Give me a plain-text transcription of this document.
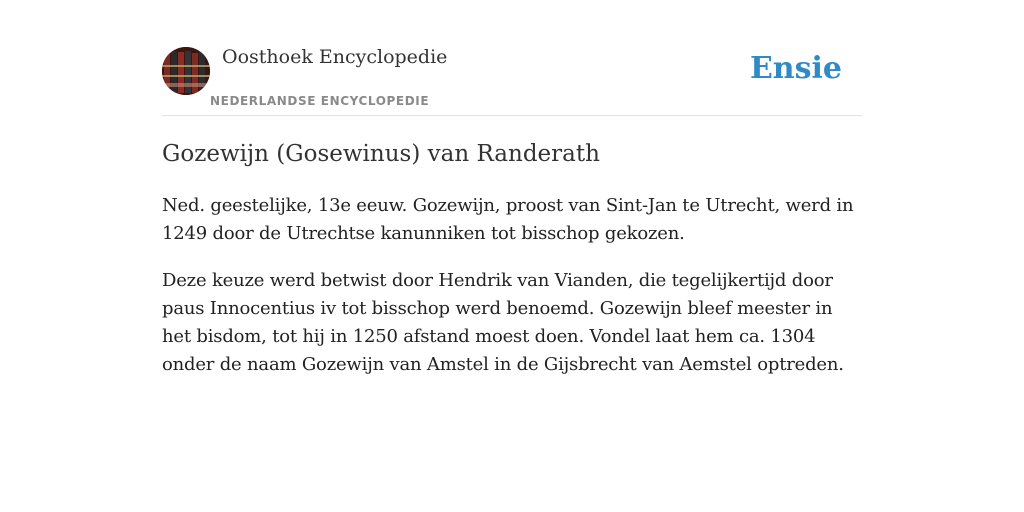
Oosthoek Encyclopedie
NEDERLANDSE ENCYCLOPEDIE
Ensie
Gozewijn (Gosewinus) van Randerath

Ned. geestelijke, 13e eeuw. Gozewijn, proost van Sint-Jan te Utrecht, werd in 1249 door de Utrechtse kanunniken tot bisschop gekozen.

Deze keuze werd betwist door Hendrik van Vianden, die tegelijkertijd door paus Innocentius iv tot bisschop werd benoemd. Gozewijn bleef meester in het bisdom, tot hij in 1250 afstand moest doen. Vondel laat hem ca. 1304 onder de naam Gozewijn van Amstel in de Gijsbrecht van Aemstel optreden.
